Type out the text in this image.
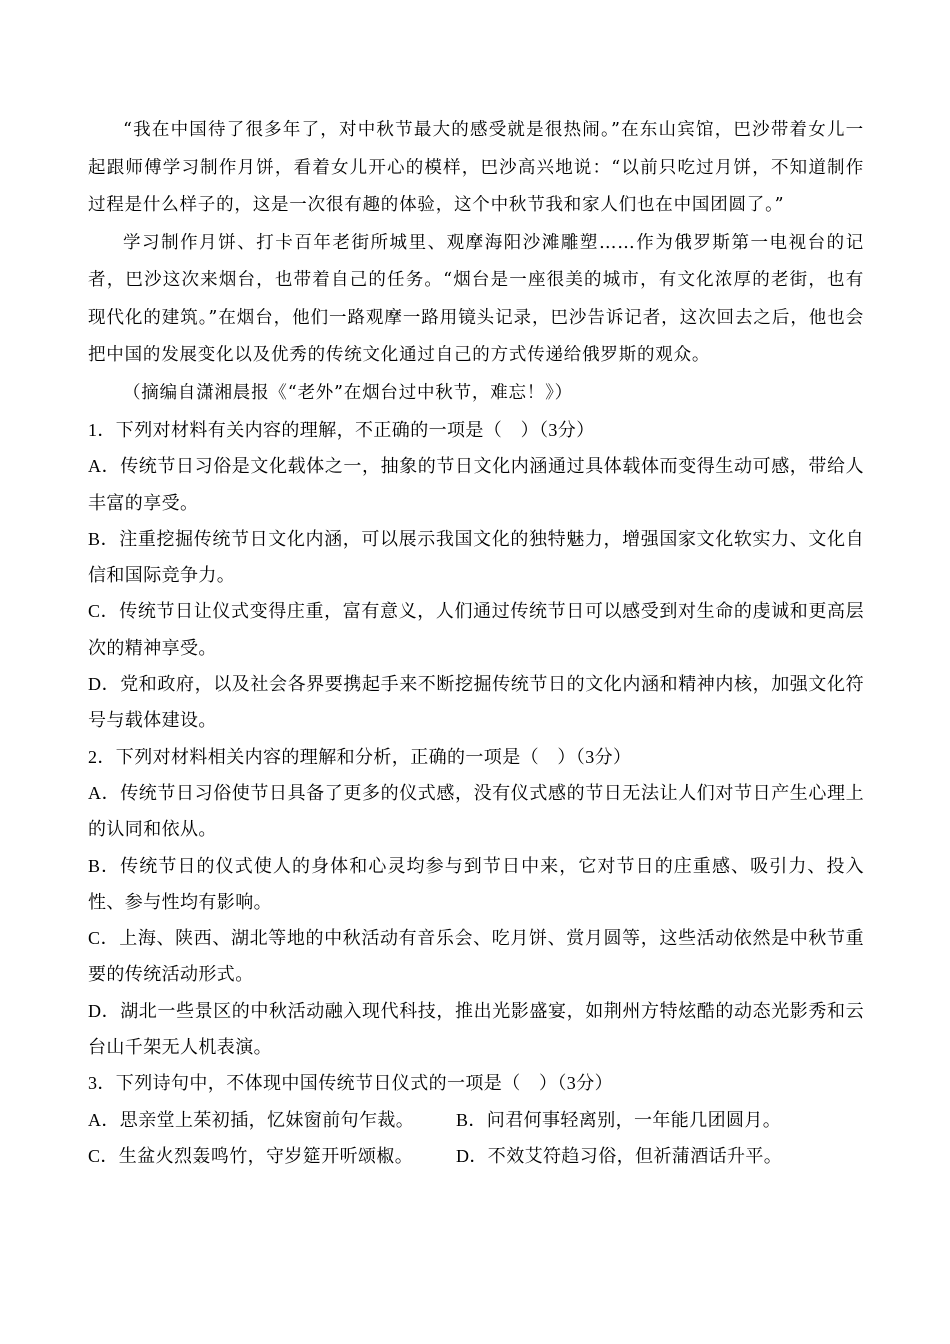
“我在中国待了很多年了，对中秋节最大的感受就是很热闹。”在东山宾馆，巴沙带着女儿一起跟师傅学习制作月饼，看着女儿开心的模样，巴沙高兴地说：“以前只吃过月饼，不知道制作过程是什么样子的，这是一次很有趣的体验，这个中秋节我和家人们也在中国团圆了。”

学习制作月饼、打卡百年老街所城里、观摩海阳沙滩雕塑……作为俄罗斯第一电视台的记者，巴沙这次来烟台，也带着自己的任务。“烟台是一座很美的城市，有文化浓厚的老街，也有现代化的建筑。”在烟台，他们一路观摩一路用镜头记录，巴沙告诉记者，这次回去之后，他也会把中国的发展变化以及优秀的传统文化通过自己的方式传递给俄罗斯的观众。

（摘编自潇湘晨报《“老外”在烟台过中秋节，难忘！》）

1．下列对材料有关内容的理解，不正确的一项是（　）（3分）

A．传统节日习俗是文化载体之一，抽象的节日文化内涵通过具体载体而变得生动可感，带给人丰富的享受。

B．注重挖掘传统节日文化内涵，可以展示我国文化的独特魅力，增强国家文化软实力、文化自信和国际竞争力。

C．传统节日让仪式变得庄重，富有意义，人们通过传统节日可以感受到对生命的虔诚和更高层次的精神享受。

D．党和政府，以及社会各界要携起手来不断挖掘传统节日的文化内涵和精神内核，加强文化符号与载体建设。

2．下列对材料相关内容的理解和分析，正确的一项是（　）（3分）

A．传统节日习俗使节日具备了更多的仪式感，没有仪式感的节日无法让人们对节日产生心理上的认同和依从。

B．传统节日的仪式使人的身体和心灵均参与到节日中来，它对节日的庄重感、吸引力、投入性、参与性均有影响。

C．上海、陕西、湖北等地的中秋活动有音乐会、吃月饼、赏月圆等，这些活动依然是中秋节重要的传统活动形式。

D．湖北一些景区的中秋活动融入现代科技，推出光影盛宴，如荆州方特炫酷的动态光影秀和云台山千架无人机表演。

3．下列诗句中，不体现中国传统节日仪式的一项是（　）（3分）

A．思亲堂上茱初插，忆妹窗前句乍裁。	B．问君何事轻离别，一年能几团圆月。
C．生盆火烈轰鸣竹，守岁筵开听颂椒。	D．不效艾符趋习俗，但祈蒲酒话升平。
